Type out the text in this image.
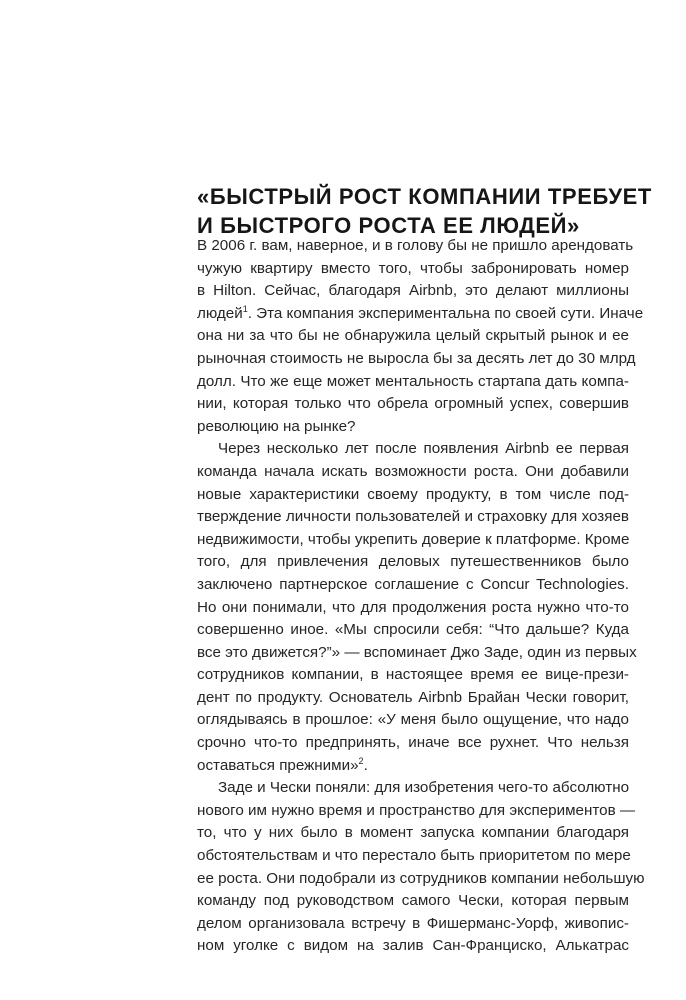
«БЫСТРЫЙ РОСТ КОМПАНИИ ТРЕБУЕТ
И БЫСТРОГО РОСТА ЕЕ ЛЮДЕЙ»
В 2006 г. вам, наверное, и в голову бы не пришло арендовать
чужую квартиру вместо того, чтобы забронировать номер
в Hilton. Сейчас, благодаря Airbnb, это делают миллионы
людей$^1$. Эта компания экспериментальна по своей сути. Иначе
она ни за что бы не обнаружила целый скрытый рынок и ее
рыночная стоимость не выросла бы за десять лет до 30 млрд
долл. Что же еще может ментальность стартапа дать компа-
нии, которая только что обрела огромный успех, совершив
революцию на рынке?
Через несколько лет после появления Airbnb ее первая
команда начала искать возможности роста. Они добавили
новые характеристики своему продукту, в том числе под-
тверждение личности пользователей и страховку для хозяев
недвижимости, чтобы укрепить доверие к платформе. Кроме
того, для привлечения деловых путешественников было
заключено партнерское соглашение с Concur Technologies.
Но они понимали, что для продолжения роста нужно что-то
совершенно иное. «Мы спросили себя: “Что дальше? Куда
все это движется?”» — вспоминает Джо Заде, один из первых
сотрудников компании, в настоящее время ее вице-прези-
дент по продукту. Основатель Airbnb Брайан Чески говорит,
оглядываясь в прошлое: «У меня было ощущение, что надо
срочно что-то предпринять, иначе все рухнет. Что нельзя
оставаться прежними»$^2$.
Заде и Чески поняли: для изобретения чего-то абсолютно
нового им нужно время и пространство для экспериментов —
то, что у них было в момент запуска компании благодаря
обстоятельствам и что перестало быть приоритетом по мере
ее роста. Они подобрали из сотрудников компании небольшую
команду под руководством самого Чески, которая первым
делом организовала встречу в Фишерманс-Уорф, живопис-
ном уголке с видом на залив Сан-Франциско, Алькатрас
